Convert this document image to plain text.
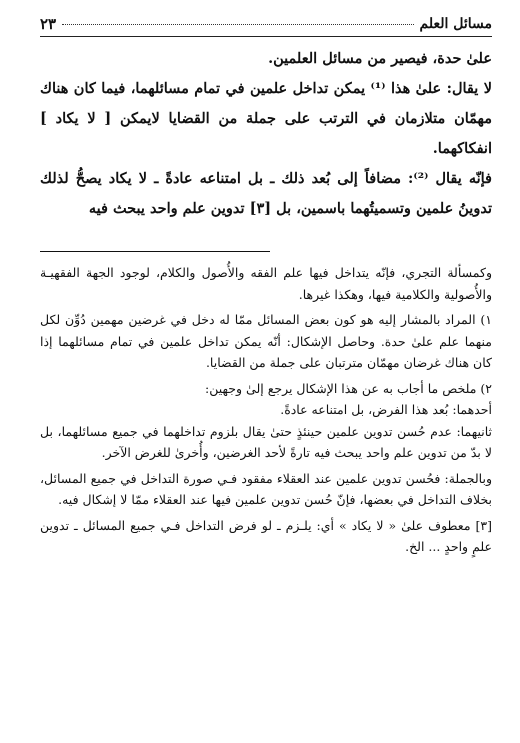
مسائل العلم
٢٣

علىٰ حدة، فيصير من مسائل العلمين.

لا يقال: علىٰ هذا ⁽¹⁾ يمكن تداخل علمين في تمام مسائلهما، فيما كان هناك مهمّان متلازمان في الترتب على جملة من القضايا لايمكن [ لا يكاد ] انفكاكهما.

فإنّه يقال ⁽²⁾: مضافاً إلى بُعد ذلك ـ بل امتناعه عادةً ـ لا يكاد يصحُّ لذلك تدوينُ علمين وتسميتُهما باسمين، بل [٣] تدوين علم واحد يبحث فيه

وكمسألة التجري، فإنّه يتداخل فيها علم الفقه والأُصول والكلام، لوجود الجهة الفقهيـة والأُصولية والكلامية فيها، وهكذا غيرها.

١) المراد بالمشار إليه هو كون بعض المسائل ممّا له دخل في غرضين مهمين دُوِّن لكل منهما علم علىٰ حدة. وحاصل الإشكال: أنّه يمكن تداخل علمين في تمام مسائلهما إذا كان هناك غرضان مهمّان مترتبان على جملة من القضايا.

٢) ملخص ما أجاب به عن هذا الإشكال يرجع إلىٰ وجهين:

أحدهما: بُعد هذا الفرض، بل امتناعه عادةً.

ثانيهما: عدم حُسن تدوين علمين حينئذٍ حتىٰ يقال بلزوم تداخلهما في جميع مسائلهما، بل لا بدّ من تدوين علم واحد يبحث فيه تارةً لأحد الغرضين، وأُخرىٰ للغرض الآخر.

وبالجملة: فحُسن تدوين علمين عند العقلاء مفقود فـي صورة التداخل في جميع المسائل، بخلاف التداخل في بعضها، فإنّ حُسن تدوين علمين فيها عند العقلاء ممّا لا إشكال فيه.

[٣] معطوف علىٰ « لا يكاد » أي: يلـزم ـ لو فرض التداخل فـي جميع المسائل ـ تدوين علمٍ واحدٍ ... الخ.
